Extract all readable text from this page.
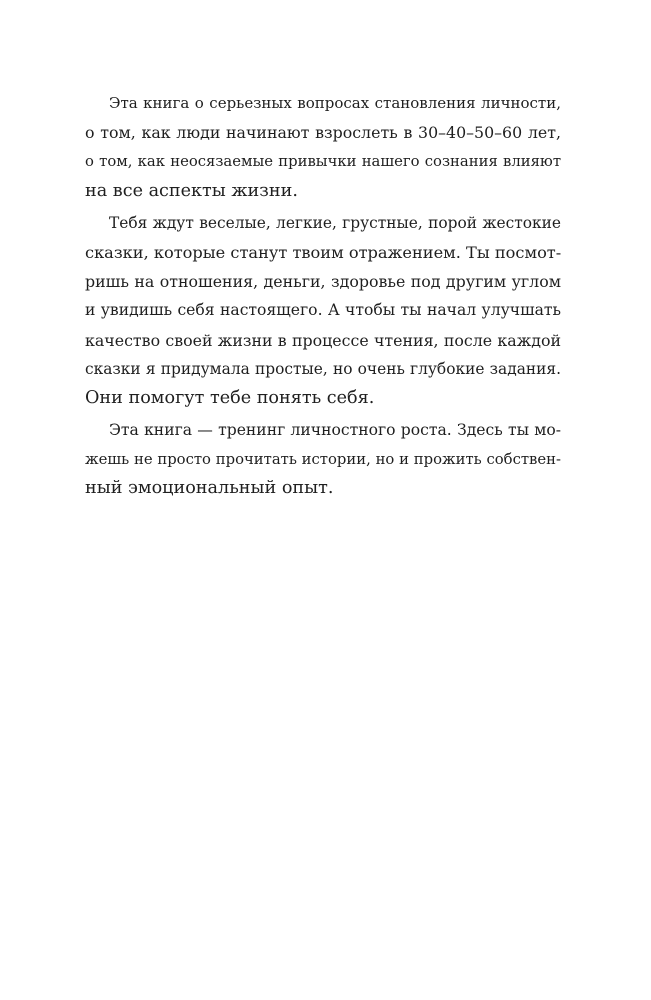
Эта книга о серьезных вопросах становления личности,
о том, как люди начинают взрослеть в 30–40–50–60 лет,
о том, как неосязаемые привычки нашего сознания влияют
на все аспекты жизни.
Тебя ждут веселые, легкие, грустные, порой жестокие
сказки, которые станут твоим отражением. Ты посмот-
ришь на отношения, деньги, здоровье под другим углом
и увидишь себя настоящего. А чтобы ты начал улучшать
качество своей жизни в процессе чтения, после каждой
сказки я придумала простые, но очень глубокие задания.
Они помогут тебе понять себя.
Эта книга — тренинг личностного роста. Здесь ты мо-
жешь не просто прочитать истории, но и прожить собствен-
ный эмоциональный опыт.
